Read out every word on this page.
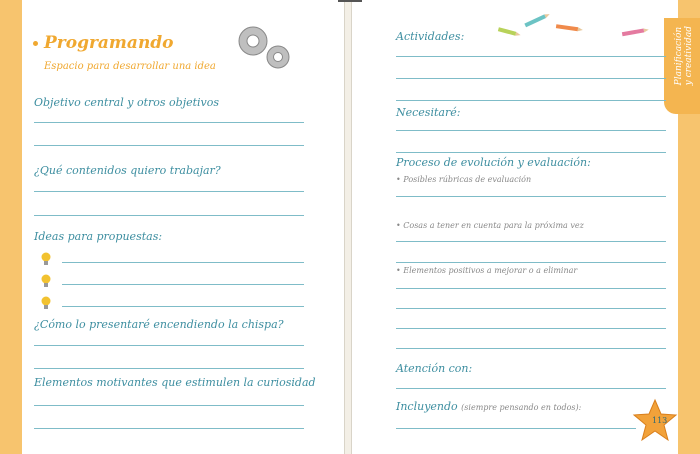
Planificación y creatividad
Programando
Espacio para desarrollar una idea
Objetivo central y otros objetivos
¿Qué contenidos quiero trabajar?
Ideas para propuestas:
¿Cómo lo presentaré encendiendo la chispa?
Elementos motivantes que estimulen la curiosidad
Actividades:
Necesitaré:
Proceso de evolución y evaluación:
• Posibles rúbricas de evaluación
• Cosas a tener en cuenta para la próxima vez
• Elementos positivos a mejorar o a eliminar
Atención con:
Incluyendo (siempre pensando en todos):
113
